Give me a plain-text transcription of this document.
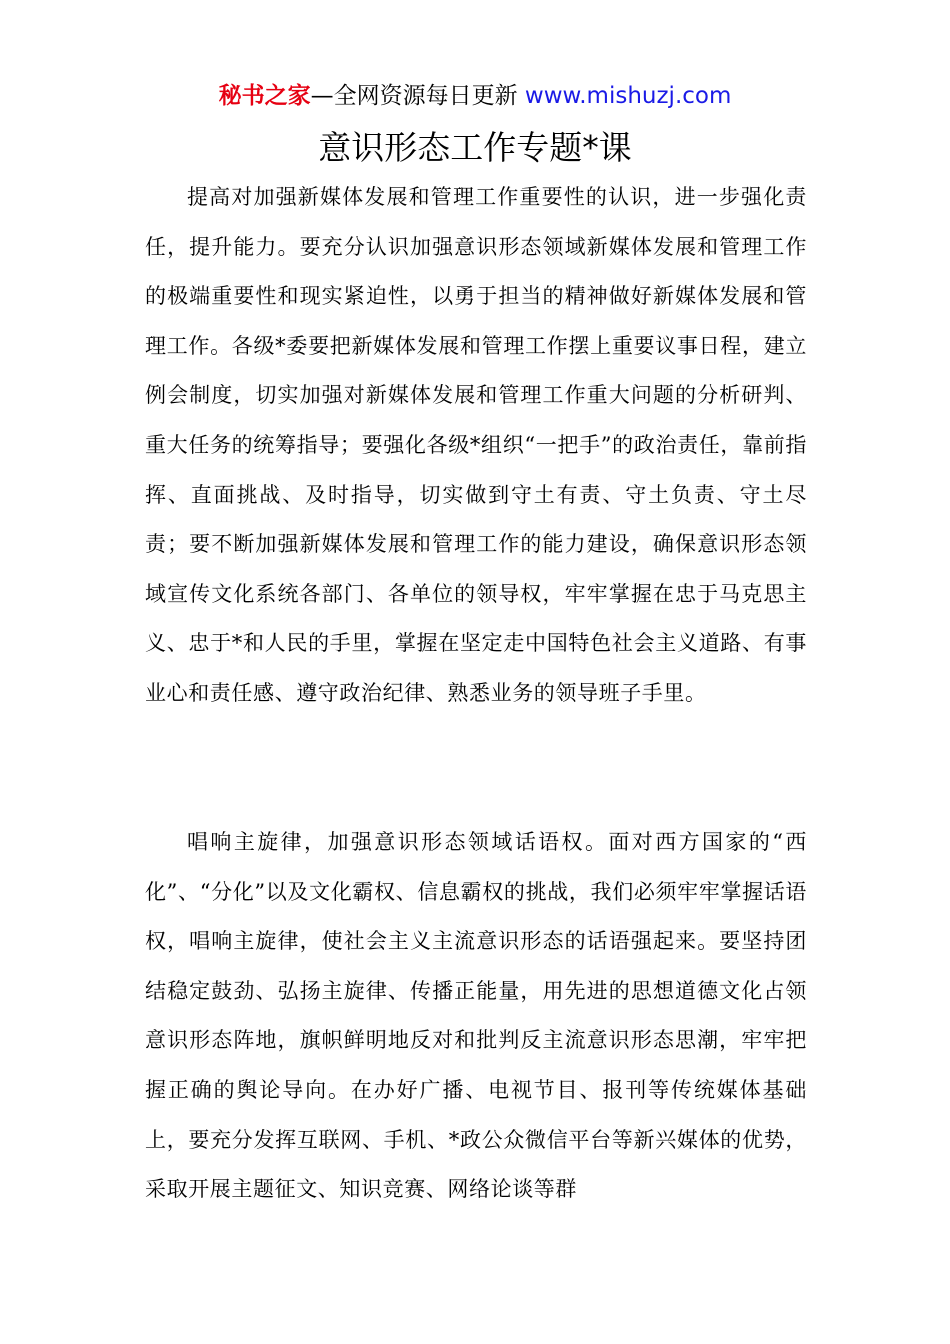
秘书之家—全网资源每日更新 www.mishuzj.com
意识形态工作专题*课

提高对加强新媒体发展和管理工作重要性的认识，进一步强化责任，提升能力。要充分认识加强意识形态领域新媒体发展和管理工作的极端重要性和现实紧迫性，以勇于担当的精神做好新媒体发展和管理工作。各级*委要把新媒体发展和管理工作摆上重要议事日程，建立例会制度，切实加强对新媒体发展和管理工作重大问题的分析研判、重大任务的统筹指导；要强化各级*组织“一把手”的政治责任，靠前指挥、直面挑战、及时指导，切实做到守土有责、守土负责、守土尽责；要不断加强新媒体发展和管理工作的能力建设，确保意识形态领域宣传文化系统各部门、各单位的领导权，牢牢掌握在忠于马克思主义、忠于*和人民的手里，掌握在坚定走中国特色社会主义道路、有事业心和责任感、遵守政治纪律、熟悉业务的领导班子手里。

唱响主旋律，加强意识形态领域话语权。面对西方国家的“西化”、“分化”以及文化霸权、信息霸权的挑战，我们必须牢牢掌握话语权，唱响主旋律，使社会主义主流意识形态的话语强起来。要坚持团结稳定鼓劲、弘扬主旋律、传播正能量，用先进的思想道德文化占领意识形态阵地，旗帜鲜明地反对和批判反主流意识形态思潮，牢牢把握正确的舆论导向。在办好广播、电视节目、报刊等传统媒体基础上，要充分发挥互联网、手机、*政公众微信平台等新兴媒体的优势，采取开展主题征文、知识竞赛、网络论谈等群
